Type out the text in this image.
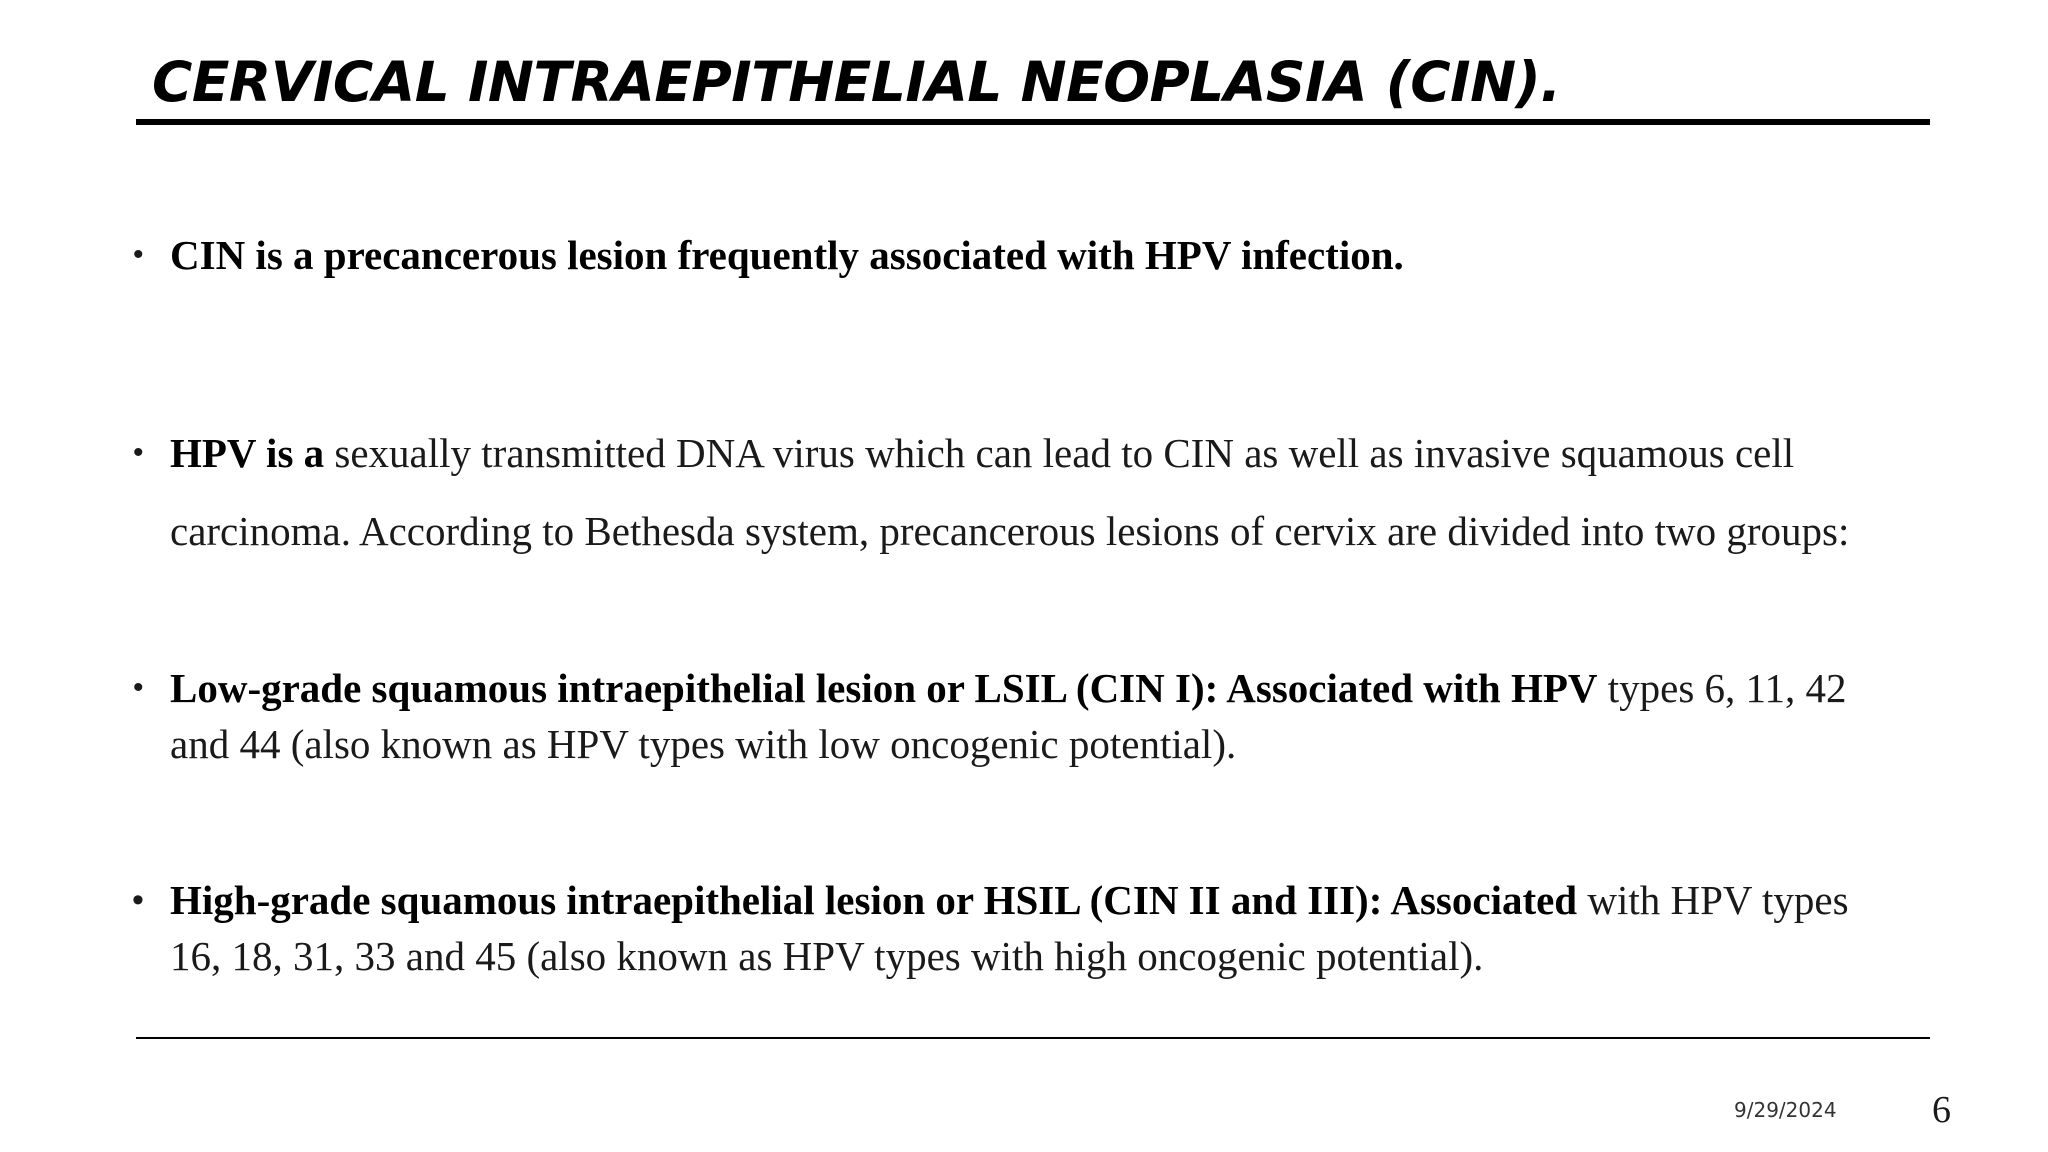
CERVICAL INTRAEPITHELIAL NEOPLASIA (CIN).
• CIN is a precancerous lesion frequently associated with HPV infection.
• HPV is a sexually transmitted DNA virus which can lead to CIN as well as invasive squamous cell carcinoma. According to Bethesda system, precancerous lesions of cervix are divided into two groups:
• Low-grade squamous intraepithelial lesion or LSIL (CIN I): Associated with HPV types 6, 11, 42 and 44 (also known as HPV types with low oncogenic potential).
• High-grade squamous intraepithelial lesion or HSIL (CIN II and III): Associated with HPV types 16, 18, 31, 33 and 45 (also known as HPV types with high oncogenic potential).
9/29/2024	6
